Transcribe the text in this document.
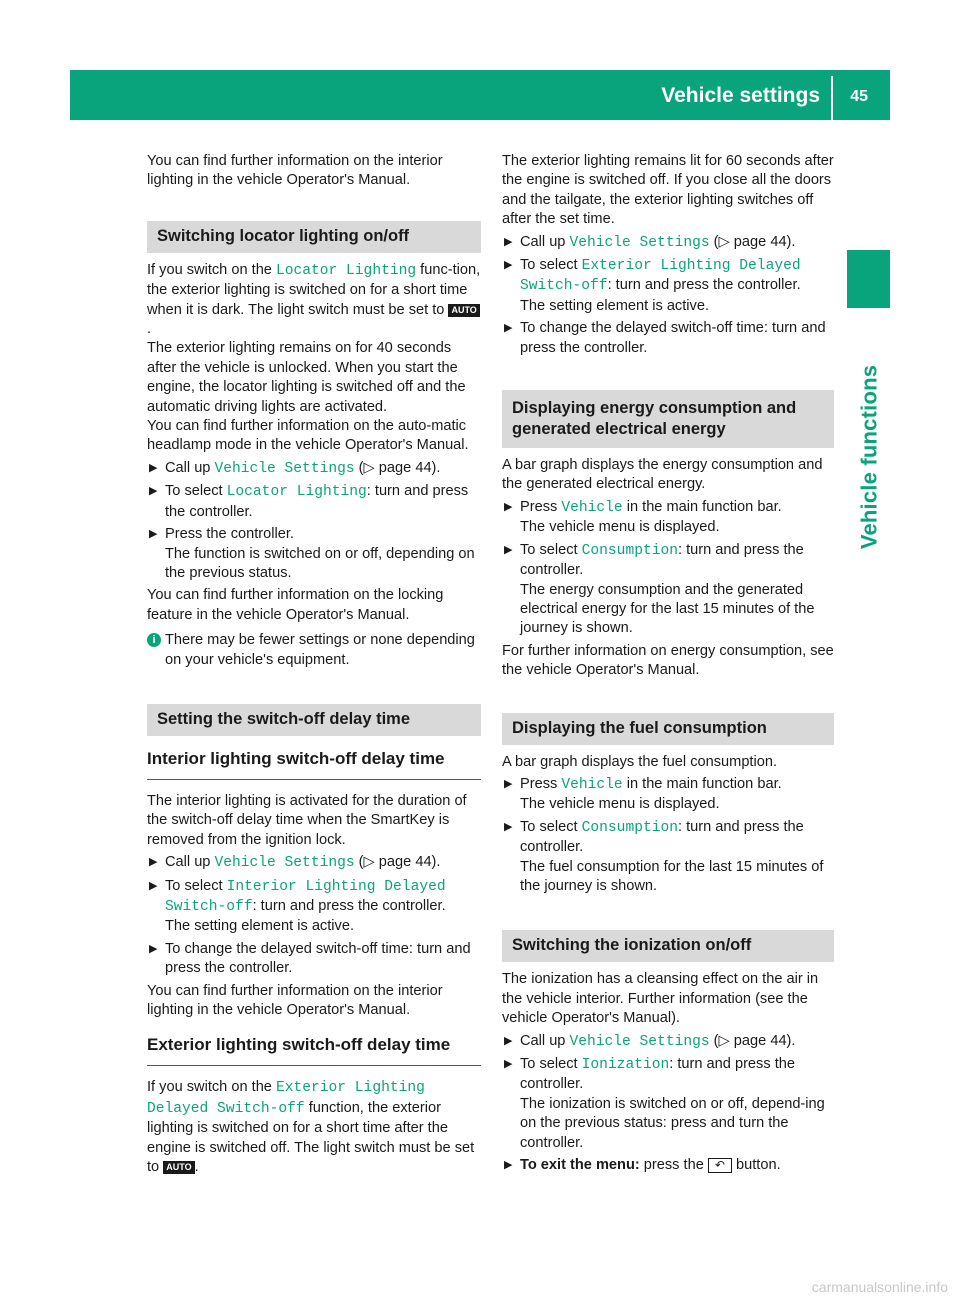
Vehicle settings 45
Vehicle functions

You can find further information on the interior lighting in the vehicle Operator's Manual.

Switching locator lighting on/off

If you switch on the Locator Lighting func-tion, the exterior lighting is switched on for a short time when it is dark. The light switch must be set to AUTO.

The exterior lighting remains on for 40 seconds after the vehicle is unlocked. When you start the engine, the locator lighting is switched off and the automatic driving lights are activated.

You can find further information on the auto-matic headlamp mode in the vehicle Operator's Manual.

▶ Call up Vehicle Settings (▷ page 44).
▶ To select Locator Lighting: turn and press the controller.
▶ Press the controller.
The function is switched on or off, depending on the previous status.

You can find further information on the locking feature in the vehicle Operator's Manual.

i There may be fewer settings or none depending on your vehicle's equipment.
Setting the switch-off delay time
Interior lighting switch-off delay time

The interior lighting is activated for the duration of the switch-off delay time when the SmartKey is removed from the ignition lock.

▶ Call up Vehicle Settings (▷ page 44).
▶ To select Interior Lighting Delayed
Switch-off: turn and press the controller.
The setting element is active.
▶ To change the delayed switch-off time: turn and press the controller.

You can find further information on the interior lighting in the vehicle Operator's Manual.

Exterior lighting switch-off delay time

If you switch on the Exterior Lighting
Delayed Switch-off function, the exterior lighting is switched on for a short time after the engine is switched off. The light switch must be set to AUTO .

The exterior lighting remains lit for 60 seconds after the engine is switched off. If you close all the doors and the tailgate, the exterior lighting switches off after the set time.

▶ Call up Vehicle Settings (▷ page 44).
▶ To select Exterior Lighting Delayed
Switch-off: turn and press the controller.
The setting element is active.
▶ To change the delayed switch-off time: turn and press the controller.
Displaying energy consumption and generated electrical energy

A bar graph displays the energy consumption and the generated electrical energy.

▶ Press Vehicle in the main function bar.
The vehicle menu is displayed.
▶ To select Consumption: turn and press the controller.
The energy consumption and the generated electrical energy for the last 15 minutes of the journey is shown.

For further information on energy consumption, see the vehicle Operator's Manual.

Displaying the fuel consumption

A bar graph displays the fuel consumption.

▶ Press Vehicle in the main function bar.
The vehicle menu is displayed.
▶ To select Consumption: turn and press the controller.
The fuel consumption for the last 15 minutes of the journey is shown.
Switching the ionization on/off

The ionization has a cleansing effect on the air in the vehicle interior. Further information (see the vehicle Operator's Manual).

▶ Call up Vehicle Settings (▷ page 44).
▶ To select Ionization: turn and press the controller.
The ionization is switched on or off, depend-ing on the previous status: press and turn the controller.
▶ To exit the menu: press the ↶ button.
carmanualsonline.info
